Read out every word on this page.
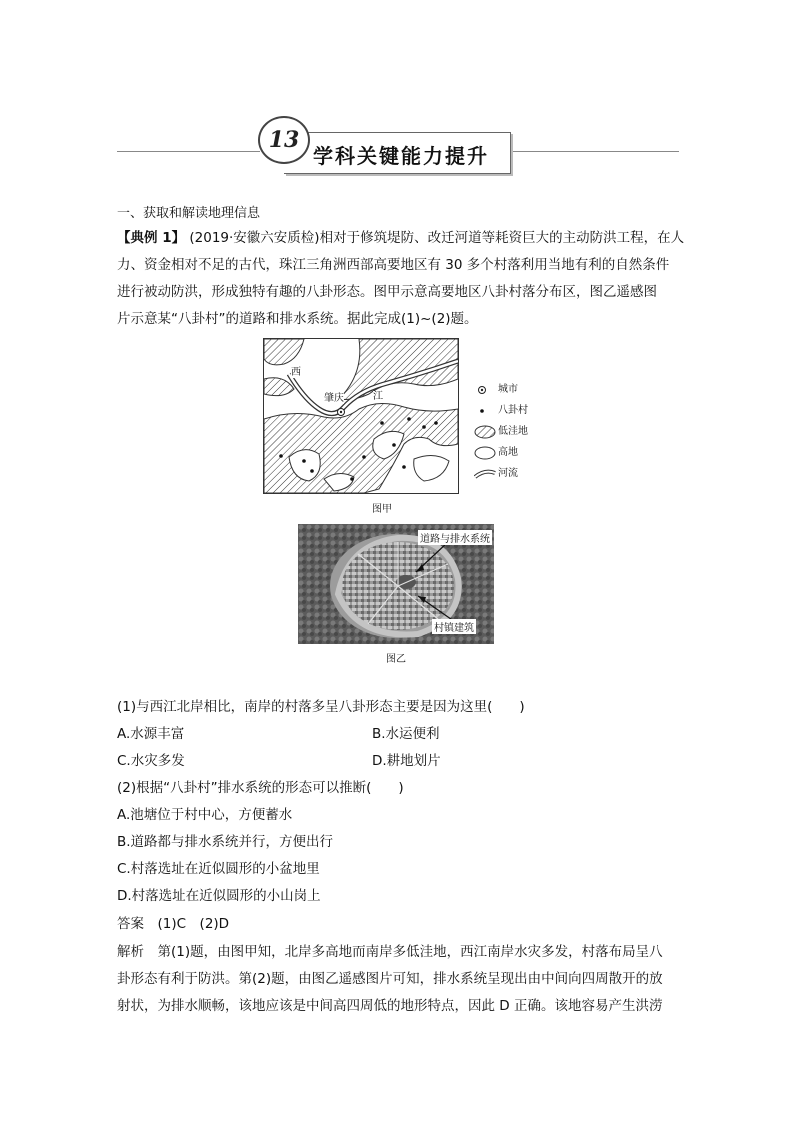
13
学科关键能力提升
一、获取和解读地理信息
【典例 1】 (2019·安徽六安质检)相对于修筑堤防、改迁河道等耗资巨大的主动防洪工程，在人
力、资金相对不足的古代，珠江三角洲西部高要地区有 30 多个村落利用当地有利的自然条件
进行被动防洪，形成独特有趣的八卦形态。图甲示意高要地区八卦村落分布区，图乙遥感图
片示意某“八卦村”的道路和排水系统。据此完成(1)~(2)题。
西
江
肇庆
城市
八卦村
低洼地
高地
河流
图甲
道路与排水系统
村镇建筑
图乙
(1)与西江北岸相比，南岸的村落多呈八卦形态主要是因为这里(　　)
A.水源丰富	B.水运便利
C.水灾多发	D.耕地划片
(2)根据“八卦村”排水系统的形态可以推断(　　)
A.池塘位于村中心，方便蓄水
B.道路都与排水系统并行，方便出行
C.村落选址在近似圆形的小盆地里
D.村落选址在近似圆形的小山岗上
答案　(1)C　(2)D
解析　第(1)题，由图甲知，北岸多高地而南岸多低洼地，西江南岸水灾多发，村落布局呈八
卦形态有利于防洪。第(2)题，由图乙遥感图片可知，排水系统呈现出由中间向四周散开的放
射状，为排水顺畅，该地应该是中间高四周低的地形特点，因此 D 正确。该地容易产生洪涝
